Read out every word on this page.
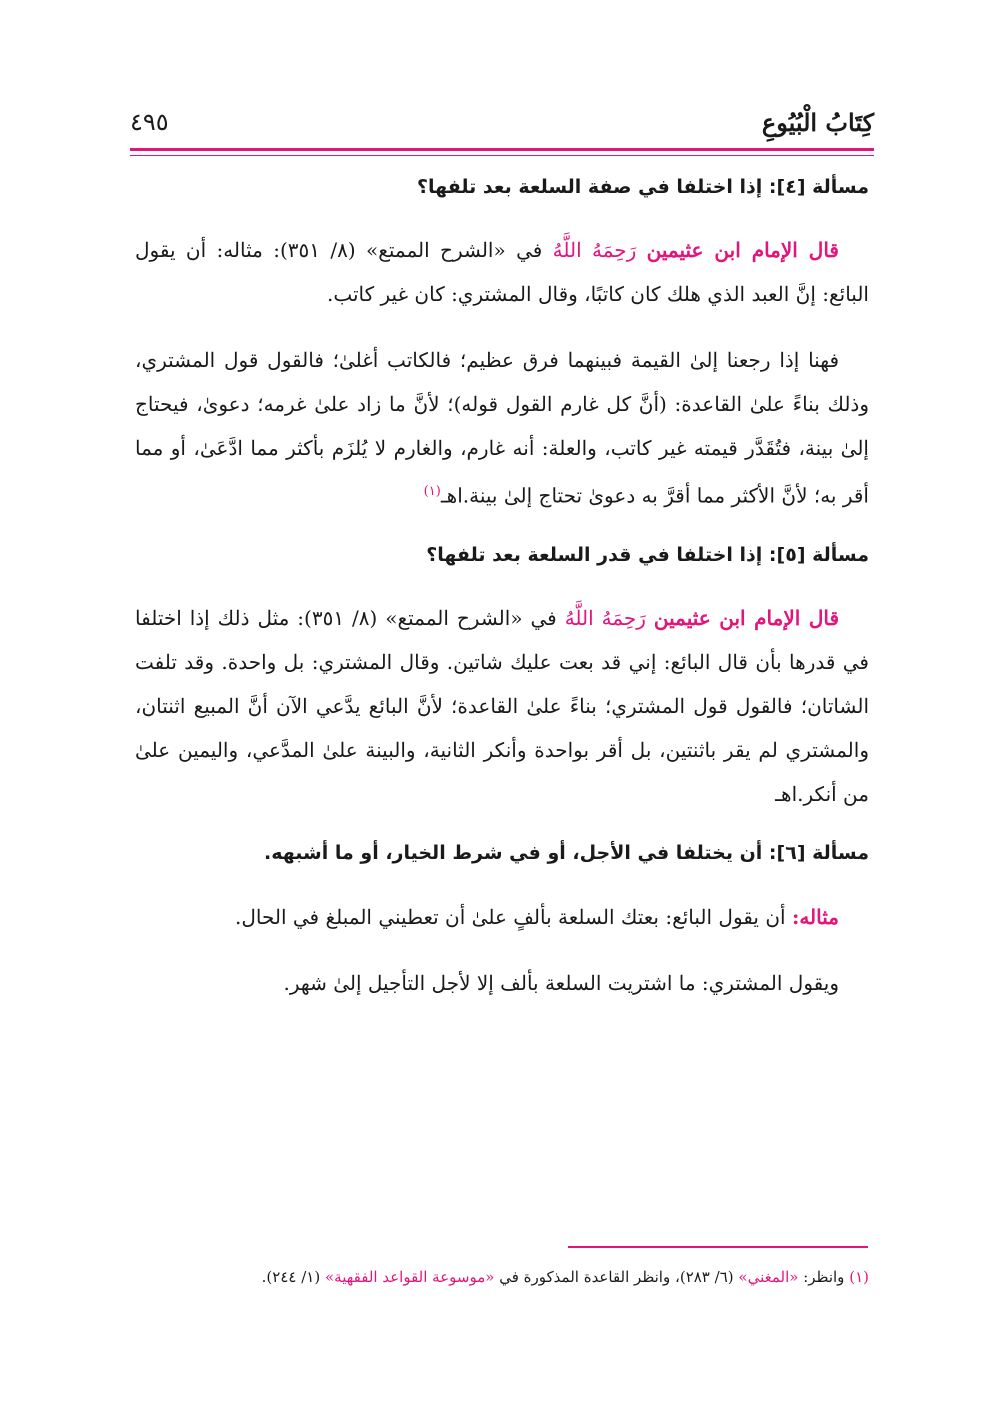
كِتَابُ الْبُيُوعِ
٤٩٥

مسألة [٤]: إذا اختلفا في صفة السلعة بعد تلفها؟

قال الإمام ابن عثيمين رَحِمَهُ اللَّهُ في «الشرح الممتع» (٨/ ٣٥١): مثاله: أن يقول البائع: إنَّ العبد الذي هلك كان كاتبًا، وقال المشتري: كان غير كاتب.

فهنا إذا رجعنا إلىٰ القيمة فبينهما فرق عظيم؛ فالكاتب أغلىٰ؛ فالقول قول المشتري، وذلك بناءً علىٰ القاعدة: (أنَّ كل غارم القول قوله)؛ لأنَّ ما زاد علىٰ غرمه؛ دعوىٰ، فيحتاج إلىٰ بينة، فتُقَدَّر قيمته غير كاتب، والعلة: أنه غارم، والغارم لا يُلزَم بأكثر مما ادَّعَىٰ، أو مما أقر به؛ لأنَّ الأكثر مما أقرَّ به دعوىٰ تحتاج إلىٰ بينة.اهـ$^{(١)}$

مسألة [٥]: إذا اختلفا في قدر السلعة بعد تلفها؟

قال الإمام ابن عثيمين رَحِمَهُ اللَّهُ في «الشرح الممتع» (٨/ ٣٥١): مثل ذلك إذا اختلفا في قدرها بأن قال البائع: إني قد بعت عليك شاتين. وقال المشتري: بل واحدة. وقد تلفت الشاتان؛ فالقول قول المشتري؛ بناءً علىٰ القاعدة؛ لأنَّ البائع يدَّعي الآن أنَّ المبيع اثنتان، والمشتري لم يقر باثنتين، بل أقر بواحدة وأنكر الثانية، والبينة علىٰ المدَّعي، واليمين علىٰ من أنكر.اهـ

مسألة [٦]: أن يختلفا في الأجل، أو في شرط الخيار، أو ما أشبهه.

مثاله: أن يقول البائع: بعتك السلعة بألفٍ علىٰ أن تعطيني المبلغ في الحال.

ويقول المشتري: ما اشتريت السلعة بألف إلا لأجل التأجيل إلىٰ شهر.

(١) وانظر: «المغني» (٦/ ٢٨٣)، وانظر القاعدة المذكورة في «موسوعة القواعد الفقهية» (١/ ٢٤٤).
